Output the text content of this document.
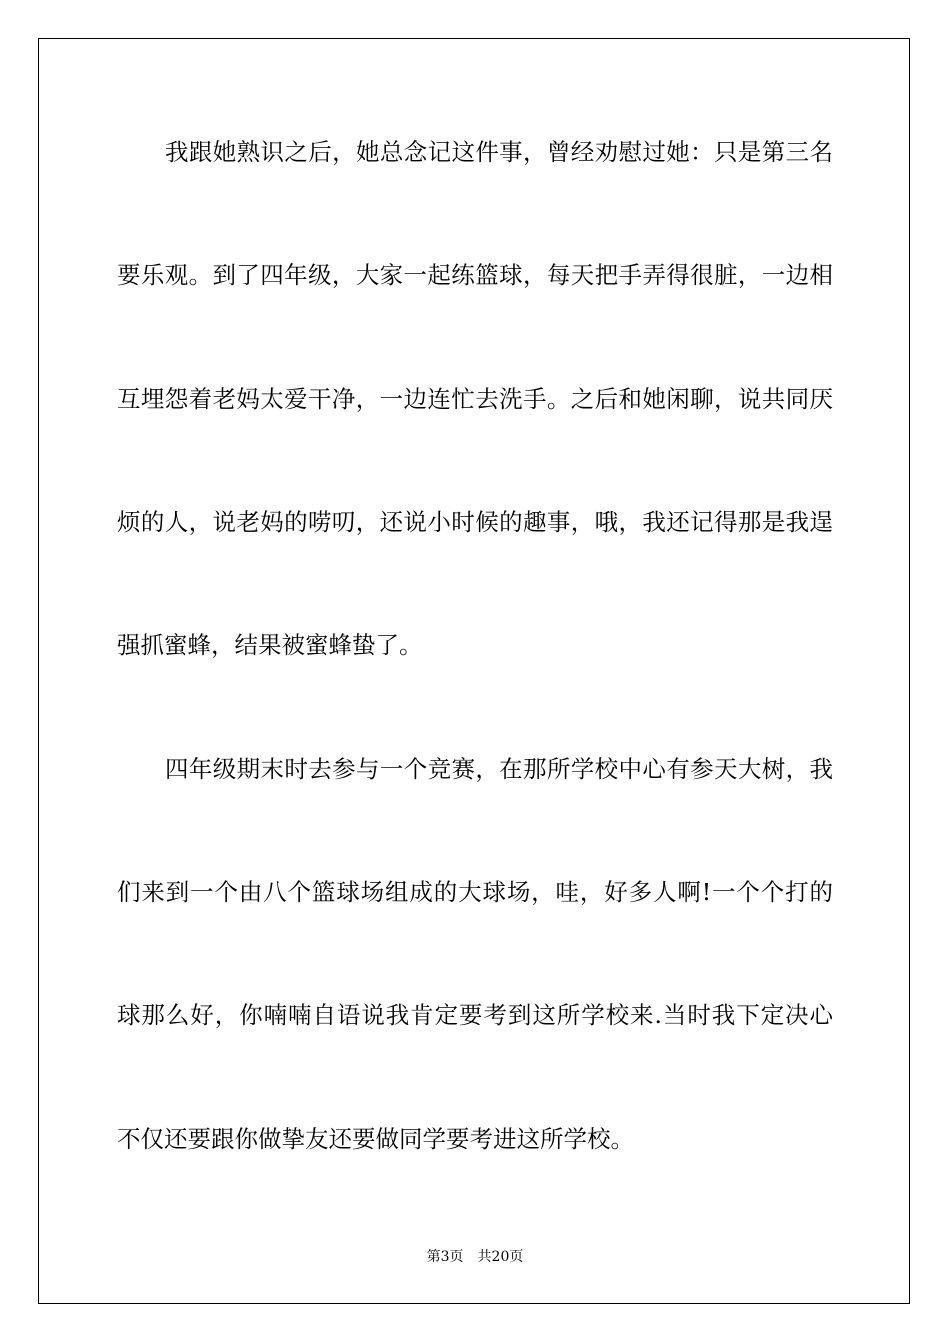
我跟她熟识之后，她总念记这件事，曾经劝慰过她：只是第三名
要乐观。到了四年级，大家一起练篮球，每天把手弄得很脏，一边相
互埋怨着老妈太爱干净，一边连忙去洗手。之后和她闲聊，说共同厌
烦的人，说老妈的唠叨，还说小时候的趣事，哦，我还记得那是我逞
强抓蜜蜂，结果被蜜蜂蛰了。
四年级期末时去参与一个竞赛，在那所学校中心有参天大树，我
们来到一个由八个篮球场组成的大球场，哇，好多人啊!一个个打的
球那么好，你喃喃自语说我肯定要考到这所学校来.当时我下定决心
不仅还要跟你做挚友还要做同学要考进这所学校。
第3页 共20页
